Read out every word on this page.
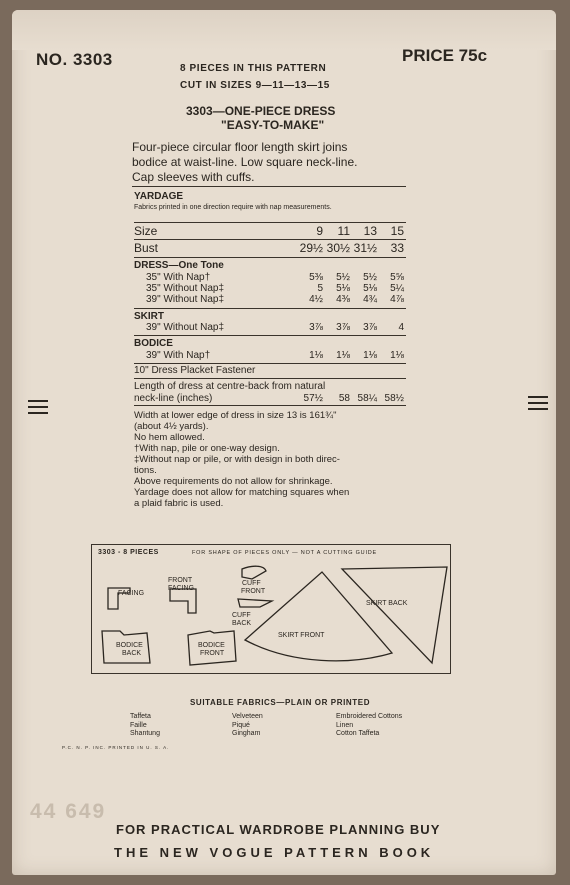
NO. 3303	PRICE 75c
8 PIECES IN THIS PATTERN
CUT IN SIZES 9—11—13—15
3303—ONE-PIECE DRESS
"EASY-TO-MAKE"
Four-piece circular floor length skirt joins
bodice at waist-line. Low square neck-line.
Cap sleeves with cuffs.
YARDAGE
Fabrics printed in one direction require with nap measurements.
Size	9	11	13	15
Bust	29½ 30½ 31½	33
DRESS—One Tone
35" With Nap†	5⅜	5½	5½	5⅝
35" Without Nap‡	5	5⅛	5⅛	5¼
39" Without Nap‡	4½	4⅜	4¾	4⅞
SKIRT
39" Without Nap‡	3⅞	3⅞	3⅞	4
BODICE
39" With Nap†	1⅛	1⅛	1⅛	1⅛
10" Dress Placket Fastener
Length of dress at centre-back from natural
neck-line (inches)	57½	58 58¼ 58½
Width at lower edge of dress in size 13 is 161¾"
(about 4½ yards).
No hem allowed.
†With nap, pile or one-way design.
‡Without nap or pile, or with design in both direc-
tions.
Above requirements do not allow for shrinkage.
Yardage does not allow for matching squares when
a plaid fabric is used.
3303 - 8 PIECES	FOR SHAPE OF PIECES ONLY — NOT A CUTTING GUIDE
FACING
FRONT
FACING
CUFF
FRONT
CUFF
BACK
SKIRT FRONT
SKIRT BACK
BODICE
BACK
BODICE
FRONT
SUITABLE FABRICS—PLAIN OR PRINTED
Taffeta
Faille
Shantung
Velveteen
Piqué
Gingham
Embroidered Cottons
Linen
Cotton Taffeta
P.C. N. P. INC. PRINTED IN U. S. A.
44 649
FOR PRACTICAL WARDROBE PLANNING BUY
THE NEW VOGUE PATTERN BOOK
